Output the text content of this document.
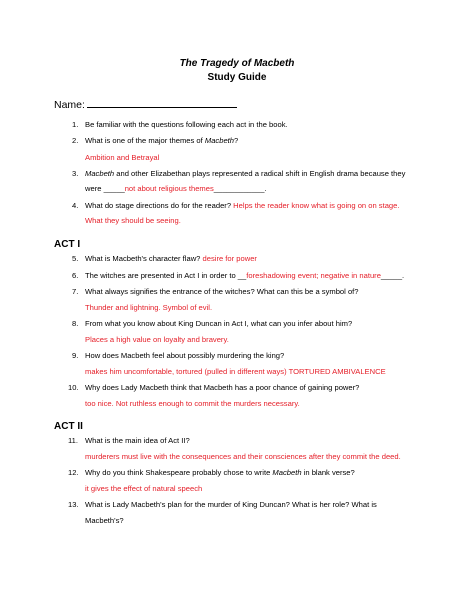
The Tragedy of Macbeth
Study Guide
Name:
1. Be familiar with the questions following each act in the book.
2. What is one of the major themes of Macbeth?
Ambition and Betrayal
3. Macbeth and other Elizabethan plays represented a radical shift in English drama because they
were _____not about religious themes____________.
4. What do stage directions do for the reader? Helps the reader know what is going on on stage.
What they should be seeing.
ACT I
5. What is Macbeth's character flaw? desire for power
6. The witches are presented in Act I in order to __foreshadowing event; negative in nature_____.
7. What always signifies the entrance of the witches? What can this be a symbol of?
Thunder and lightning. Symbol of evil.
8. From what you know about King Duncan in Act I, what can you infer about him?
Places a high value on loyalty and bravery.
9. How does Macbeth feel about possibly murdering the king?
makes him uncomfortable, tortured (pulled in different ways) TORTURED AMBIVALENCE
10. Why does Lady Macbeth think that Macbeth has a poor chance of gaining power?
too nice. Not ruthless enough to commit the murders necessary.
ACT II
11. What is the main idea of Act II?
murderers must live with the consequences and their consciences after they commit the deed.
12. Why do you think Shakespeare probably chose to write Macbeth in blank verse?
it gives the effect of natural speech
13. What is Lady Macbeth's plan for the murder of King Duncan? What is her role? What is
Macbeth's?
